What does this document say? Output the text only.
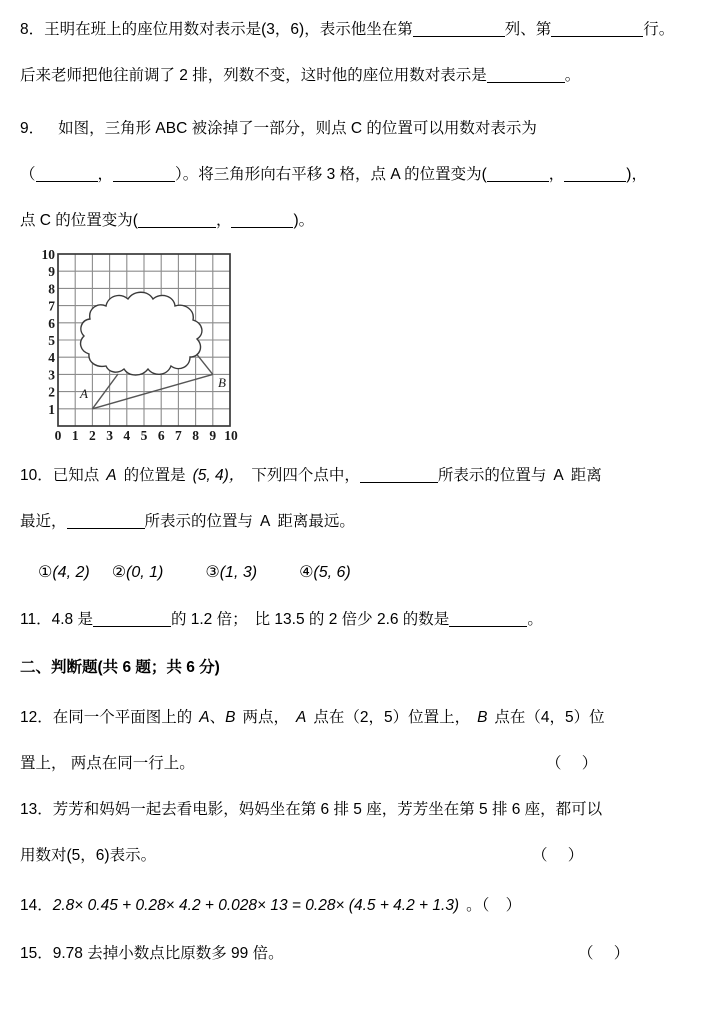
8．王明在班上的座位用数对表示是(3，6)，表示他坐在第	列、第	行。
后来老师把他往前调了 2 排，列数不变，这时他的座位用数对表示是	。
9． 如图，三角形 ABC 被涂掉了一部分，则点 C 的位置可以用数对表示为
（	，	）。将三角形向右平移 3 格，点 A 的位置变为(	，	)，
点 C 的位置变为(	，	)。
A
B
10
9
8
7
6
5
4
3
2
1
0 1 2 3 4 5 6 7 8 9 10
10．已知点 A 的位置是 (5, 4)， 下列四个点中，	所表示的位置与 A 距离
最近，	所表示的位置与 A 距离最远。
①(4, 2) ②(0, 1)	③(1, 3)	④(5, 6)
11．4.8 是	的 1.2 倍； 比 13.5 的 2 倍少 2.6 的数是	。
二、判断题(共 6 题；共 6 分)
12．在同一个平面图上的 A、B 两点， A 点在（2，5）位置上， B 点在（4，5）位
置上， 两点在同一行上。	（ ）
13．芳芳和妈妈一起去看电影，妈妈坐在第 6 排 5 座，芳芳坐在第 5 排 6 座，都可以
用数对(5，6)表示。	（ ）
14．2.8× 0.45 + 0.28× 4.2 + 0.028× 13 = 0.28× (4.5 + 4.2 + 1.3) 。（ ）
15．9.78 去掉小数点比原数多 99 倍。	（ ）
